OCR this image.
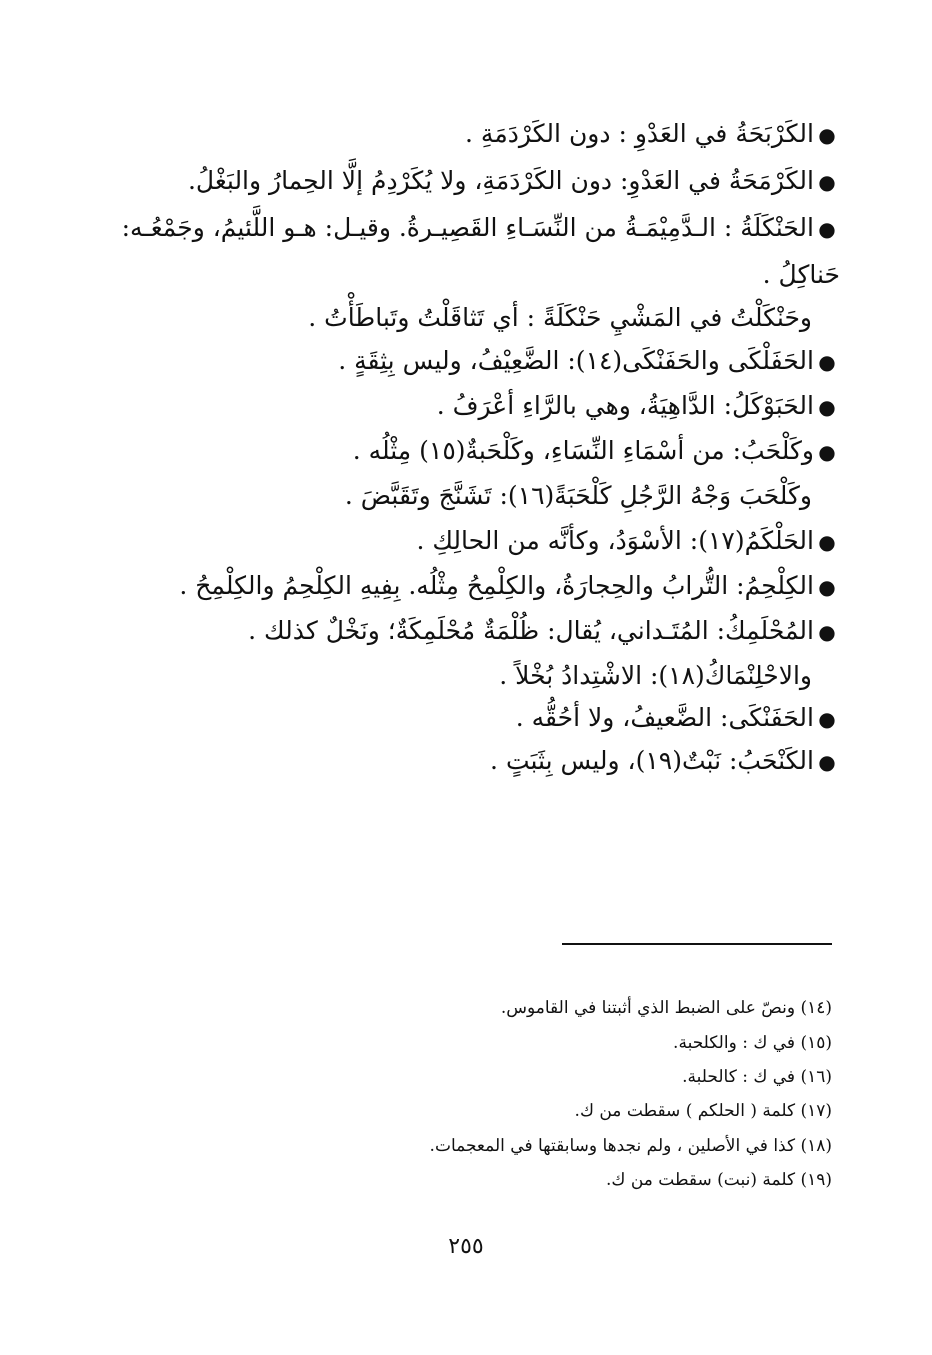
●الكَرْبَحَةُ في العَدْوِ : دون الكَرْدَمَةِ .
●الكَرْمَحَةُ في العَدْوِ: دون الكَرْدَمَةِ، ولا يُكَرْدِمُ إلَّا الحِمارُ والبَغْلُ.
●الحَنْكَلَةُ : الـدَّمِيْمَـةُ من النِّسَـاءِ القَصِيـرةُ. وقيـل: هـو اللَّئيمُ، وجَمْعُـه:
حَناكِلُ .
وحَنْكَلْتُ في المَشْيِ حَنْكَلَةً : أي تَثاقَلْتُ وتَباطَأْتُ .
●الحَفَلْكَى والحَفَنْكَى(١٤): الضَّعِيْفُ، وليس بِثِقَةٍ .
●الحَبَوْكَلُ: الدَّاهِيَةُ، وهي بالرَّاءِ أعْرَفُ .
●وكَلْحَبُ: من أسْمَاءِ النِّسَاءِ، وكَلْحَبةٌ(١٥) مِثْلُه .
وكَلْحَبَ وَجْهُ الرَّجُلِ كَلْحَبَةً(١٦): تَشَنَّجَ وتَقَبَّضَ .
●الحَلْكَمُ(١٧): الأسْوَدُ، وكأنَّه من الحالِكِ .
●الكِلْحِمُ: التُّرابُ والحِجارَةُ، والكِلْمِحُ مِثْلُه. بِفِيهِ الكِلْحِمُ والكِلْمِحُ .
●المُحْلَمِكُ: المُتَـداني، يُقال: ظُلْمَةٌ مُحْلَمِكَةٌ؛ ونَخْلٌ كذلك .
والاحْلِنْمَاكُ(١٨): الاشْتِدادُ بُخْلاً .
●الحَفَنْكَى: الضَّعيفُ، ولا أحُقُّه .
●الكَنْحَبُ: نَبْتٌ(١٩)، وليس بِثَبَتٍ .
(١٤) ونصّ على الضبط الذي أثبتنا في القاموس.
(١٥) في ك : والكلحبة.
(١٦) في ك : كالحلبة.
(١٧) كلمة ( الحلكم ) سقطت من ك.
(١٨) كذا في الأصلين ، ولم نجدها وسابقتها في المعجمات.
(١٩) كلمة (نبت) سقطت من ك.
٢٥٥
